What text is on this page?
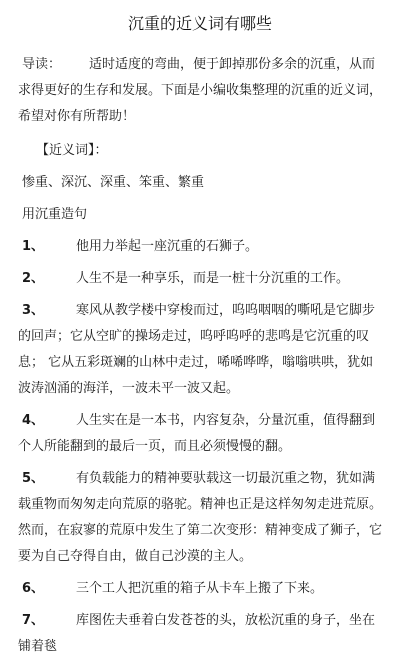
沉重的近义词有哪些

导读： 适时适度的弯曲，便于卸掉那份多余的沉重，从而求得更好的生存和发展。下面是小编收集整理的沉重的近义词， 希望对你有所帮助！

【近义词】：

惨重、深沉、深重、笨重、繁重

用沉重造句

1、 他用力举起一座沉重的石狮子。

2、 人生不是一种享乐，而是一桩十分沉重的工作。

3、 寒风从教学楼中穿梭而过，呜呜咽咽的嘶吼是它脚步的回声；它从空旷的操场走过，呜呼呜呼的悲鸣是它沉重的叹息； 它从五彩斑斓的山林中走过，唏唏哗哗，嗡嗡哄哄，犹如波涛汹涌的海洋，一波未平一波又起。

4、 人生实在是一本书，内容复杂，分量沉重，值得翻到个人所能翻到的最后一页，而且必须慢慢的翻。

5、 有负载能力的精神要驮载这一切最沉重之物，犹如满载重物而匆匆走向荒原的骆驼。精神也正是这样匆匆走进荒原。然而，在寂寥的荒原中发生了第二次变形：精神变成了狮子，它要为自己夺得自由，做自己沙漠的主人。

6、 三个工人把沉重的箱子从卡车上搬了下来。

7、 库图佐夫垂着白发苍苍的头，放松沉重的身子，坐在铺着毯
